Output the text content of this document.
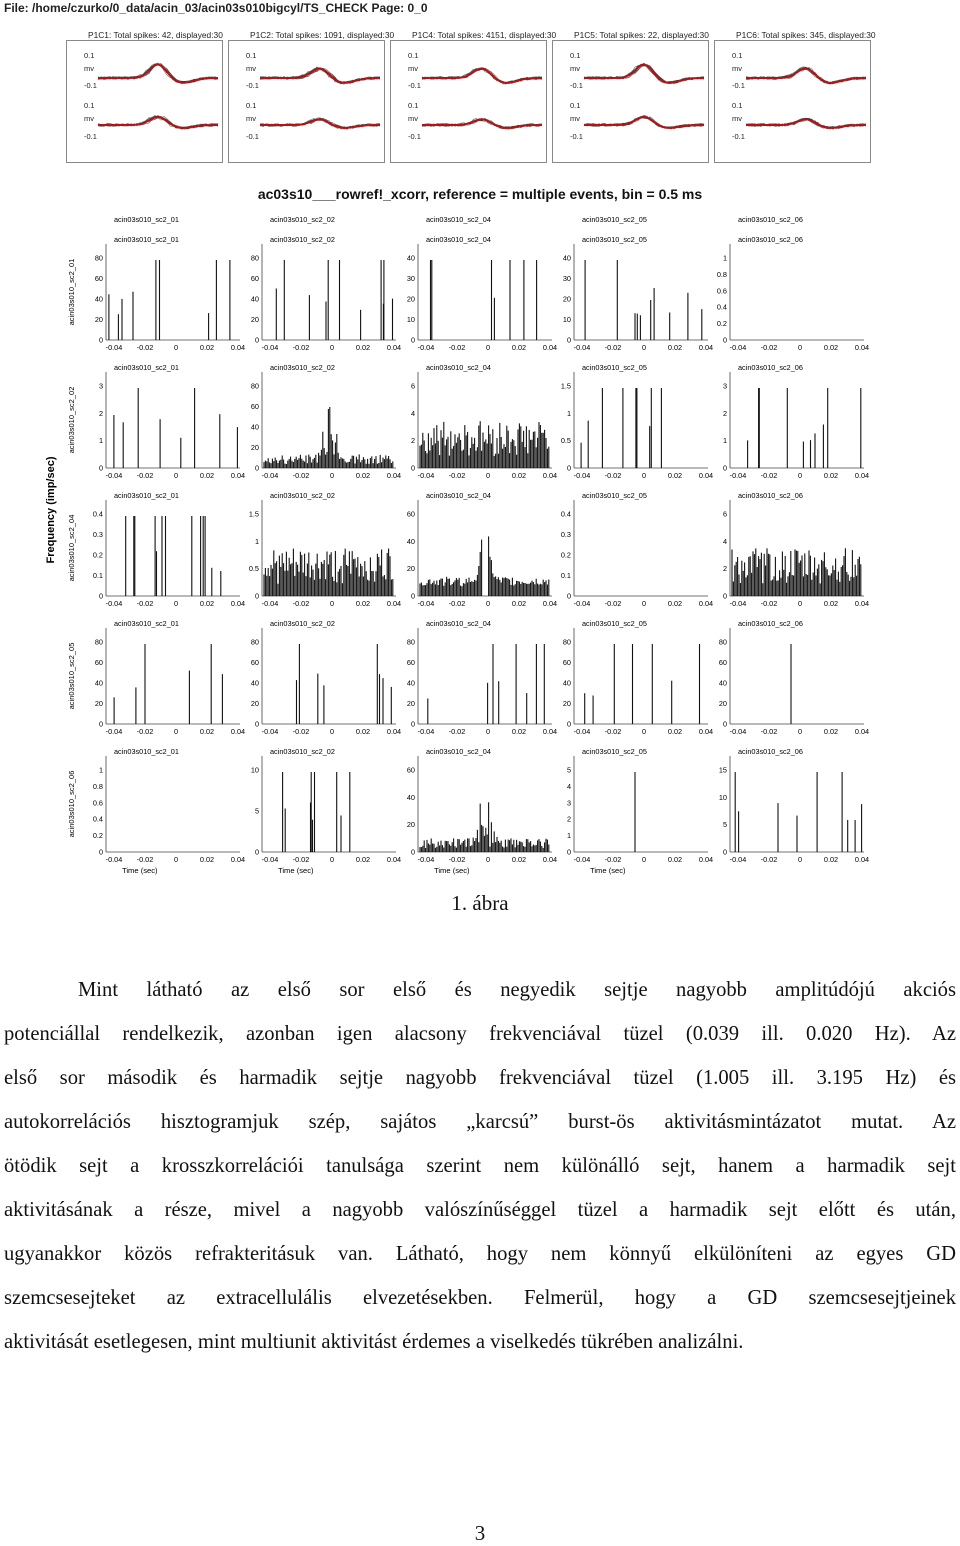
File: /home/czurko/0_data/acin_03/acin03s010bigcyl/TS_CHECK Page: 0_0
P1C1: Total spikes: 42, displayed:30
0.1
mv
-0.1
0.1
mv
-0.1
P1C2: Total spikes: 1091, displayed:30
0.1
mv
-0.1
0.1
mv
-0.1
P1C4: Total spikes: 4151, displayed:30
0.1
mv
-0.1
0.1
mv
-0.1
P1C5: Total spikes: 22, displayed:30
0.1
mv
-0.1
0.1
mv
-0.1
P1C6: Total spikes: 345, displayed:30
0.1
mv
-0.1
0.1
mv
-0.1
ac03s10___rowref!_xcorr, reference = multiple events, bin = 0.5 ms
Frequency (imp/sec)
acin03s010_sc2_01
acin03s010_sc2_01
acin03s010_sc2_01
0
20
40
60
80
-0.04 -0.02	0	0.02 0.04
acin03s010_sc2_02
acin03s010_sc2_02
0
20
40
60
80
-0.04 -0.02	0	0.02 0.04
acin03s010_sc2_04
acin03s010_sc2_04
0
10
20
30
40
-0.04 -0.02	0	0.02 0.04
acin03s010_sc2_05
acin03s010_sc2_05
0
10
20
30
40
-0.04 -0.02	0	0.02 0.04
acin03s010_sc2_06
acin03s010_sc2_06
0
0.2
0.4
0.6
0.8
1
-0.04 -0.02	0	0.02 0.04
acin03s010_sc2_02
acin03s010_sc2_01
0
1
2
3
-0.04 -0.02	0	0.02 0.04
acin03s010_sc2_02
0
20
40
60
80
-0.04 -0.02	0	0.02 0.04
acin03s010_sc2_04
0
2
4
6
-0.04 -0.02	0	0.02 0.04
acin03s010_sc2_05
0
0.5
1
1.5
-0.04 -0.02	0	0.02 0.04
acin03s010_sc2_06
0
1
2
3
-0.04 -0.02	0	0.02 0.04
acin03s010_sc2_04
acin03s010_sc2_01
0
0.1
0.2
0.3
0.4
-0.04 -0.02	0	0.02 0.04
acin03s010_sc2_02
0
0.5
1
1.5
-0.04 -0.02	0	0.02 0.04
acin03s010_sc2_04
0
20
40
60
-0.04 -0.02	0	0.02 0.04
acin03s010_sc2_05
0
0.1
0.2
0.3
0.4
-0.04 -0.02	0	0.02 0.04
acin03s010_sc2_06
0
2
4
6
-0.04 -0.02	0	0.02 0.04
acin03s010_sc2_05
acin03s010_sc2_01
0
20
40
60
80
-0.04 -0.02	0	0.02 0.04
acin03s010_sc2_02
0
20
40
60
80
-0.04 -0.02	0	0.02 0.04
acin03s010_sc2_04
0
20
40
60
80
-0.04 -0.02	0	0.02 0.04
acin03s010_sc2_05
0
20
40
60
80
-0.04 -0.02	0	0.02 0.04
acin03s010_sc2_06
0
20
40
60
80
-0.04 -0.02	0	0.02 0.04
acin03s010_sc2_06
acin03s010_sc2_01
0
0.2
0.4
0.6
0.8
1
-0.04 -0.02	0	0.02 0.04
Time (sec)
acin03s010_sc2_02
0
5
10
-0.04 -0.02	0	0.02 0.04
Time (sec)
acin03s010_sc2_04
0
20
40
60
-0.04 -0.02	0	0.02 0.04
Time (sec)
acin03s010_sc2_05
0
1
2
3
4
5
-0.04 -0.02	0	0.02 0.04
Time (sec)
acin03s010_sc2_06
0
5
10
15
-0.04 -0.02	0	0.02 0.04
1. ábra
Mint látható az első sor első és negyedik sejtje nagyobb amplitúdójú akciós
potenciállal rendelkezik, azonban igen alacsony frekvenciával tüzel (0.039 ill. 0.020 Hz). Az
első sor második és harmadik sejtje nagyobb frekvenciával tüzel (1.005 ill. 3.195 Hz) és
autokorrelációs hisztogramjuk szép, sajátos „karcsú” burst-ös aktivitásmintázatot mutat. Az
ötödik sejt a krosszkorrelációi tanulsága szerint nem különálló sejt, hanem a harmadik sejt
aktivitásának a része, mivel a nagyobb valószínűséggel tüzel a harmadik sejt előtt és után,
ugyanakkor közös refrakteritásuk van. Látható, hogy nem könnyű elkülöníteni az egyes GD
szemcsesejteket az extracellulális elvezetésekben. Felmerül, hogy a GD szemcsesejtjeinek
aktivitását esetlegesen, mint multiunit aktivitást érdemes a viselkedés tükrében analizálni.
3
